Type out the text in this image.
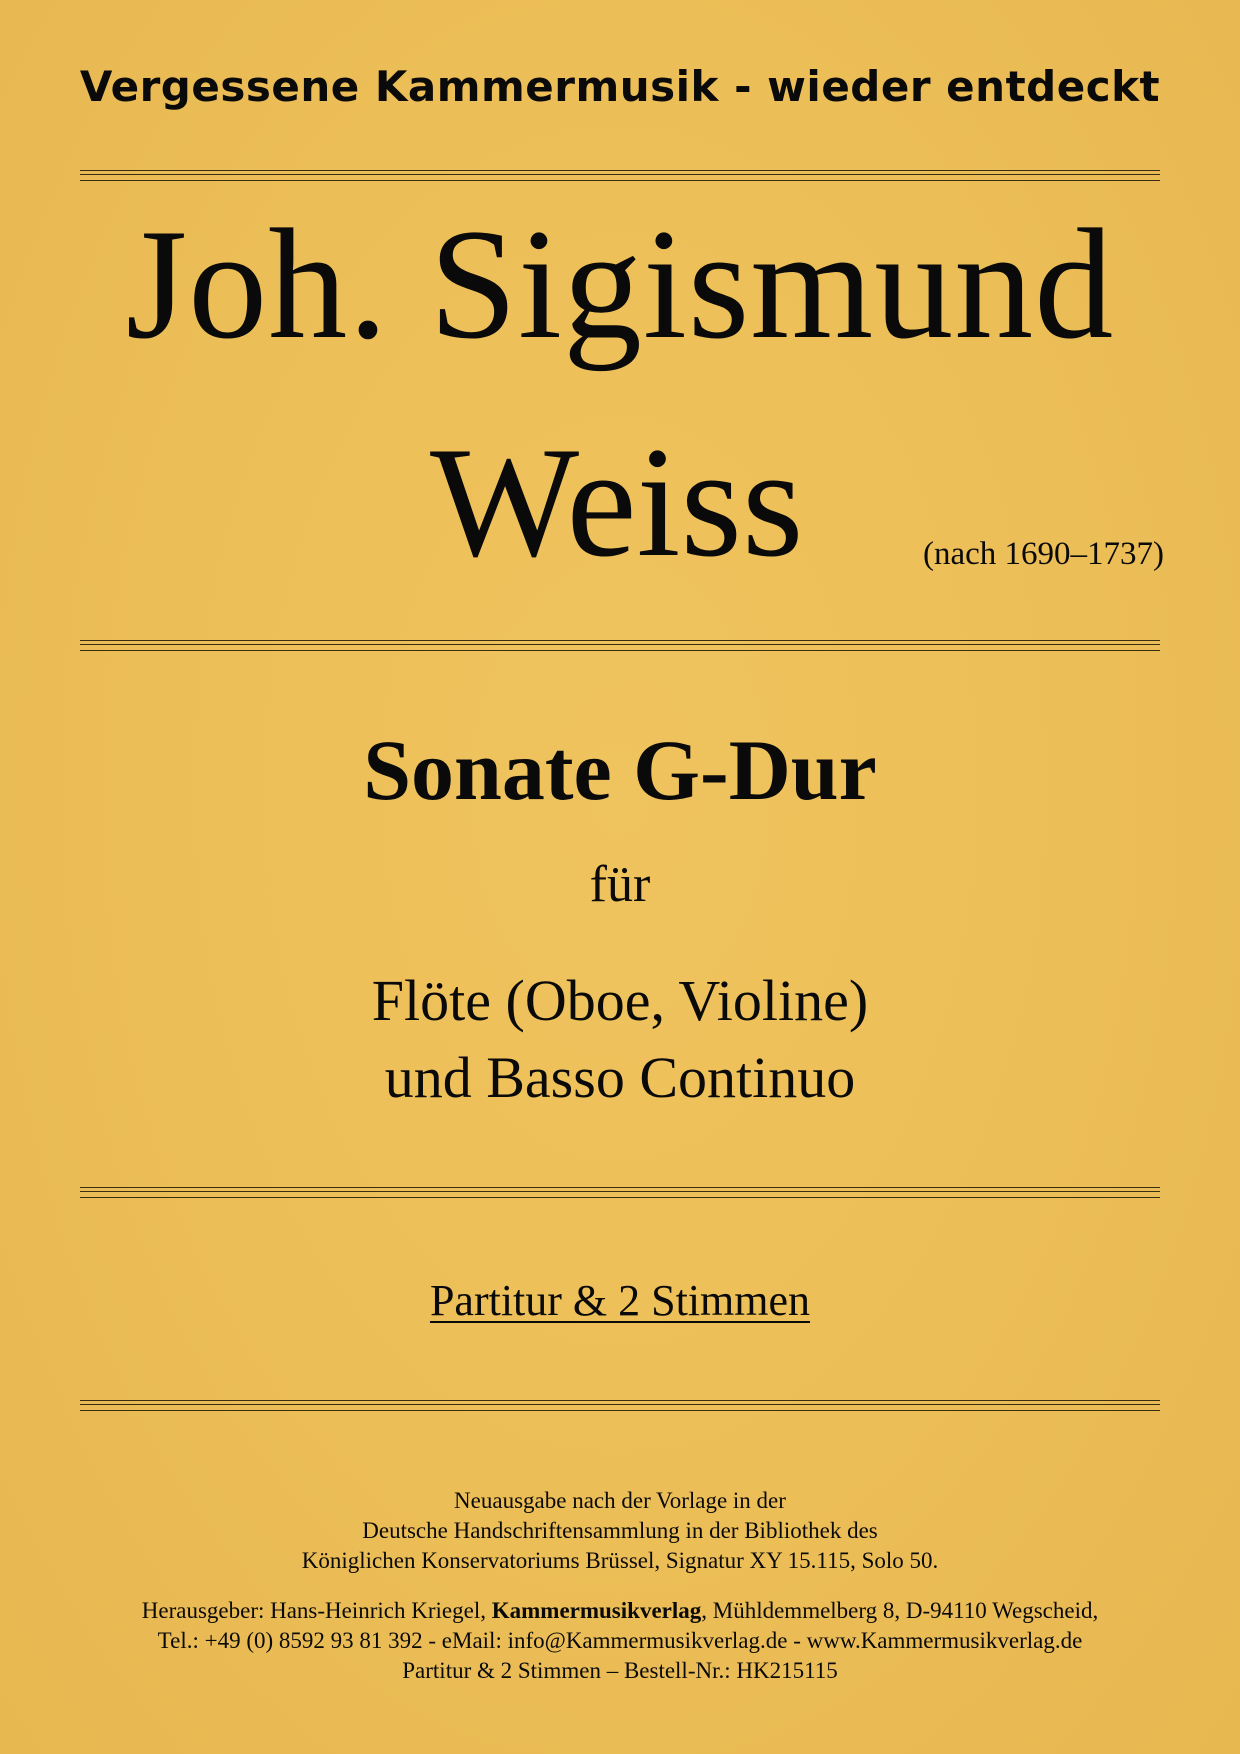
Vergessene Kammermusik - wieder entdeckt
Joh. Sigismund
Weiss	(nach 1690–1737)
Sonate G-Dur
für
Flöte (Oboe, Violine)
und Basso Continuo
Partitur & 2 Stimmen
Neuausgabe nach der Vorlage in der
Deutsche Handschriftensammlung in der Bibliothek des
Königlichen Konservatoriums Brüssel, Signatur XY 15.115, Solo 50.
Herausgeber: Hans-Heinrich Kriegel, Kammermusikverlag, Mühldemmelberg 8, D-94110 Wegscheid,
Tel.: +49 (0) 8592 93 81 392 - eMail: info@Kammermusikverlag.de - www.Kammermusikverlag.de
Partitur & 2 Stimmen – Bestell-Nr.: HK215115
